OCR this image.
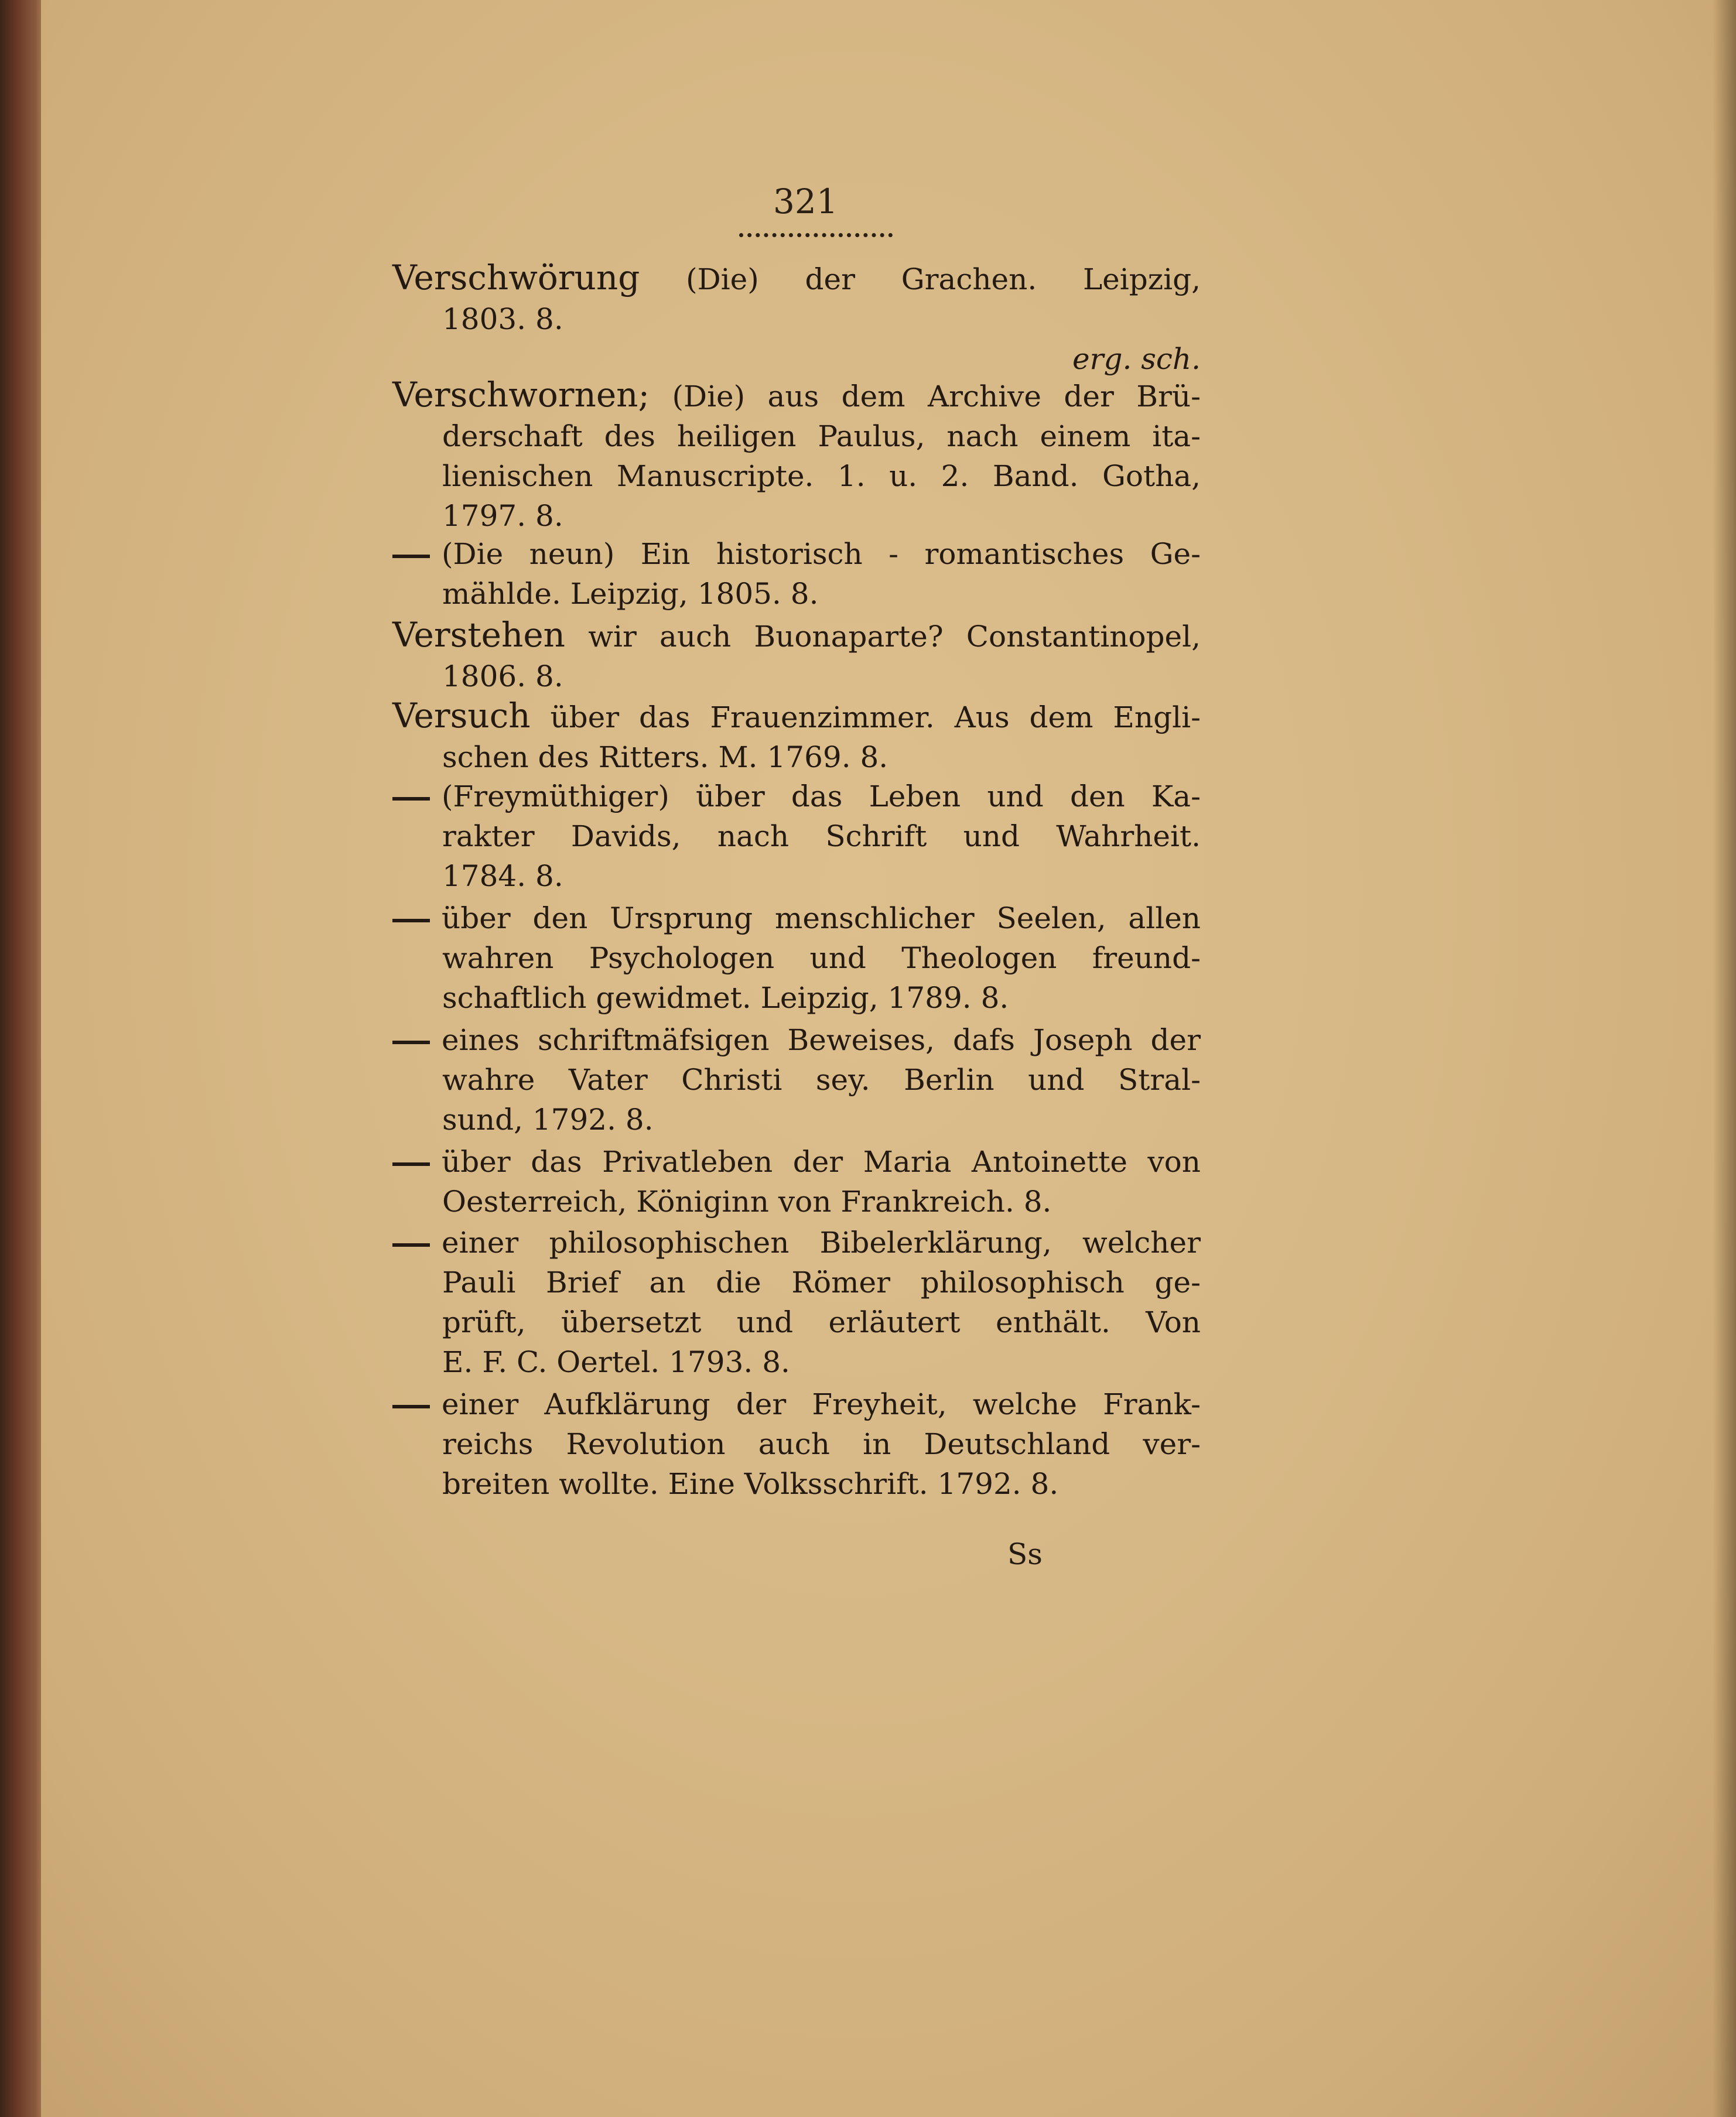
321
Verschwörung (Die) der Grachen. Leipzig,
1803. 8.
erg. sch.
Verschwornen; (Die) aus dem Archive der Brü-
derschaft des heiligen Paulus, nach einem ita-
lienischen Manuscripte. 1. u. 2. Band. Gotha,
1797. 8.
(Die neun) Ein historisch - romantisches Ge-
mählde. Leipzig, 1805. 8.
Verstehen wir auch Buonaparte? Constantinopel,
1806. 8.
Versuch über das Frauenzimmer. Aus dem Engli-
schen des Ritters. M. 1769. 8.
(Freymüthiger) über das Leben und den Ka-
rakter Davids, nach Schrift und Wahrheit.
1784. 8.
über den Ursprung menschlicher Seelen, allen
wahren Psychologen und Theologen freund-
schaftlich gewidmet. Leipzig, 1789. 8.
eines schriftmäfsigen Beweises, dafs Joseph der
wahre Vater Christi sey. Berlin und Stral-
sund, 1792. 8.
über das Privatleben der Maria Antoinette von
Oesterreich, Königinn von Frankreich. 8.
einer philosophischen Bibelerklärung, welcher
Pauli Brief an die Römer philosophisch ge-
prüft, übersetzt und erläutert enthält. Von
E. F. C. Oertel. 1793. 8.
einer Aufklärung der Freyheit, welche Frank-
reichs Revolution auch in Deutschland ver-
breiten wollte. Eine Volksschrift. 1792. 8.
Ss
